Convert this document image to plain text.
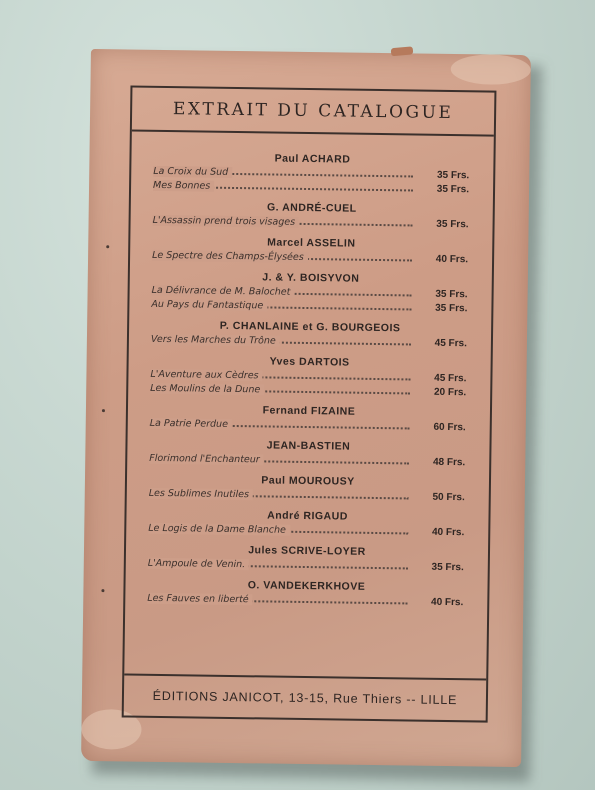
EXTRAIT DU CATALOGUE
Paul ACHARD
La Croix du Sud	35 Frs.
Mes Bonnes	35 Frs.
G. ANDRÉ-CUEL
L'Assassin prend trois visages	35 Frs.
Marcel ASSELIN
Le Spectre des Champs-Élysées	40 Frs.
J. & Y. BOISYVON
La Délivrance de M. Balochet	35 Frs.
Au Pays du Fantastique	35 Frs.
P. CHANLAINE et G. BOURGEOIS
Vers les Marches du Trône	45 Frs.
Yves DARTOIS
L'Aventure aux Cèdres	45 Frs.
Les Moulins de la Dune	20 Frs.
Fernand FIZAINE
La Patrie Perdue	60 Frs.
JEAN-BASTIEN
Florimond l'Enchanteur	48 Frs.
Paul MOUROUSY
Les Sublimes Inutiles	50 Frs.
André RIGAUD
Le Logis de la Dame Blanche	40 Frs.
Jules SCRIVE-LOYER
L'Ampoule de Venin.	35 Frs.
O. VANDEKERKHOVE
Les Fauves en liberté	40 Frs.
ÉDITIONS JANICOT, 13-15, Rue Thiers -- LILLE
